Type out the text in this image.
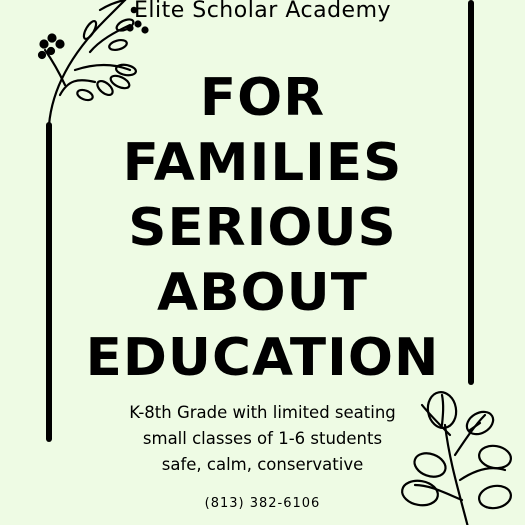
Elite Scholar Academy
FOR
FAMILIES
SERIOUS
ABOUT
EDUCATION
K-8th Grade with limited seating
small classes of 1-6 students
safe, calm, conservative
(813) 382-6106
